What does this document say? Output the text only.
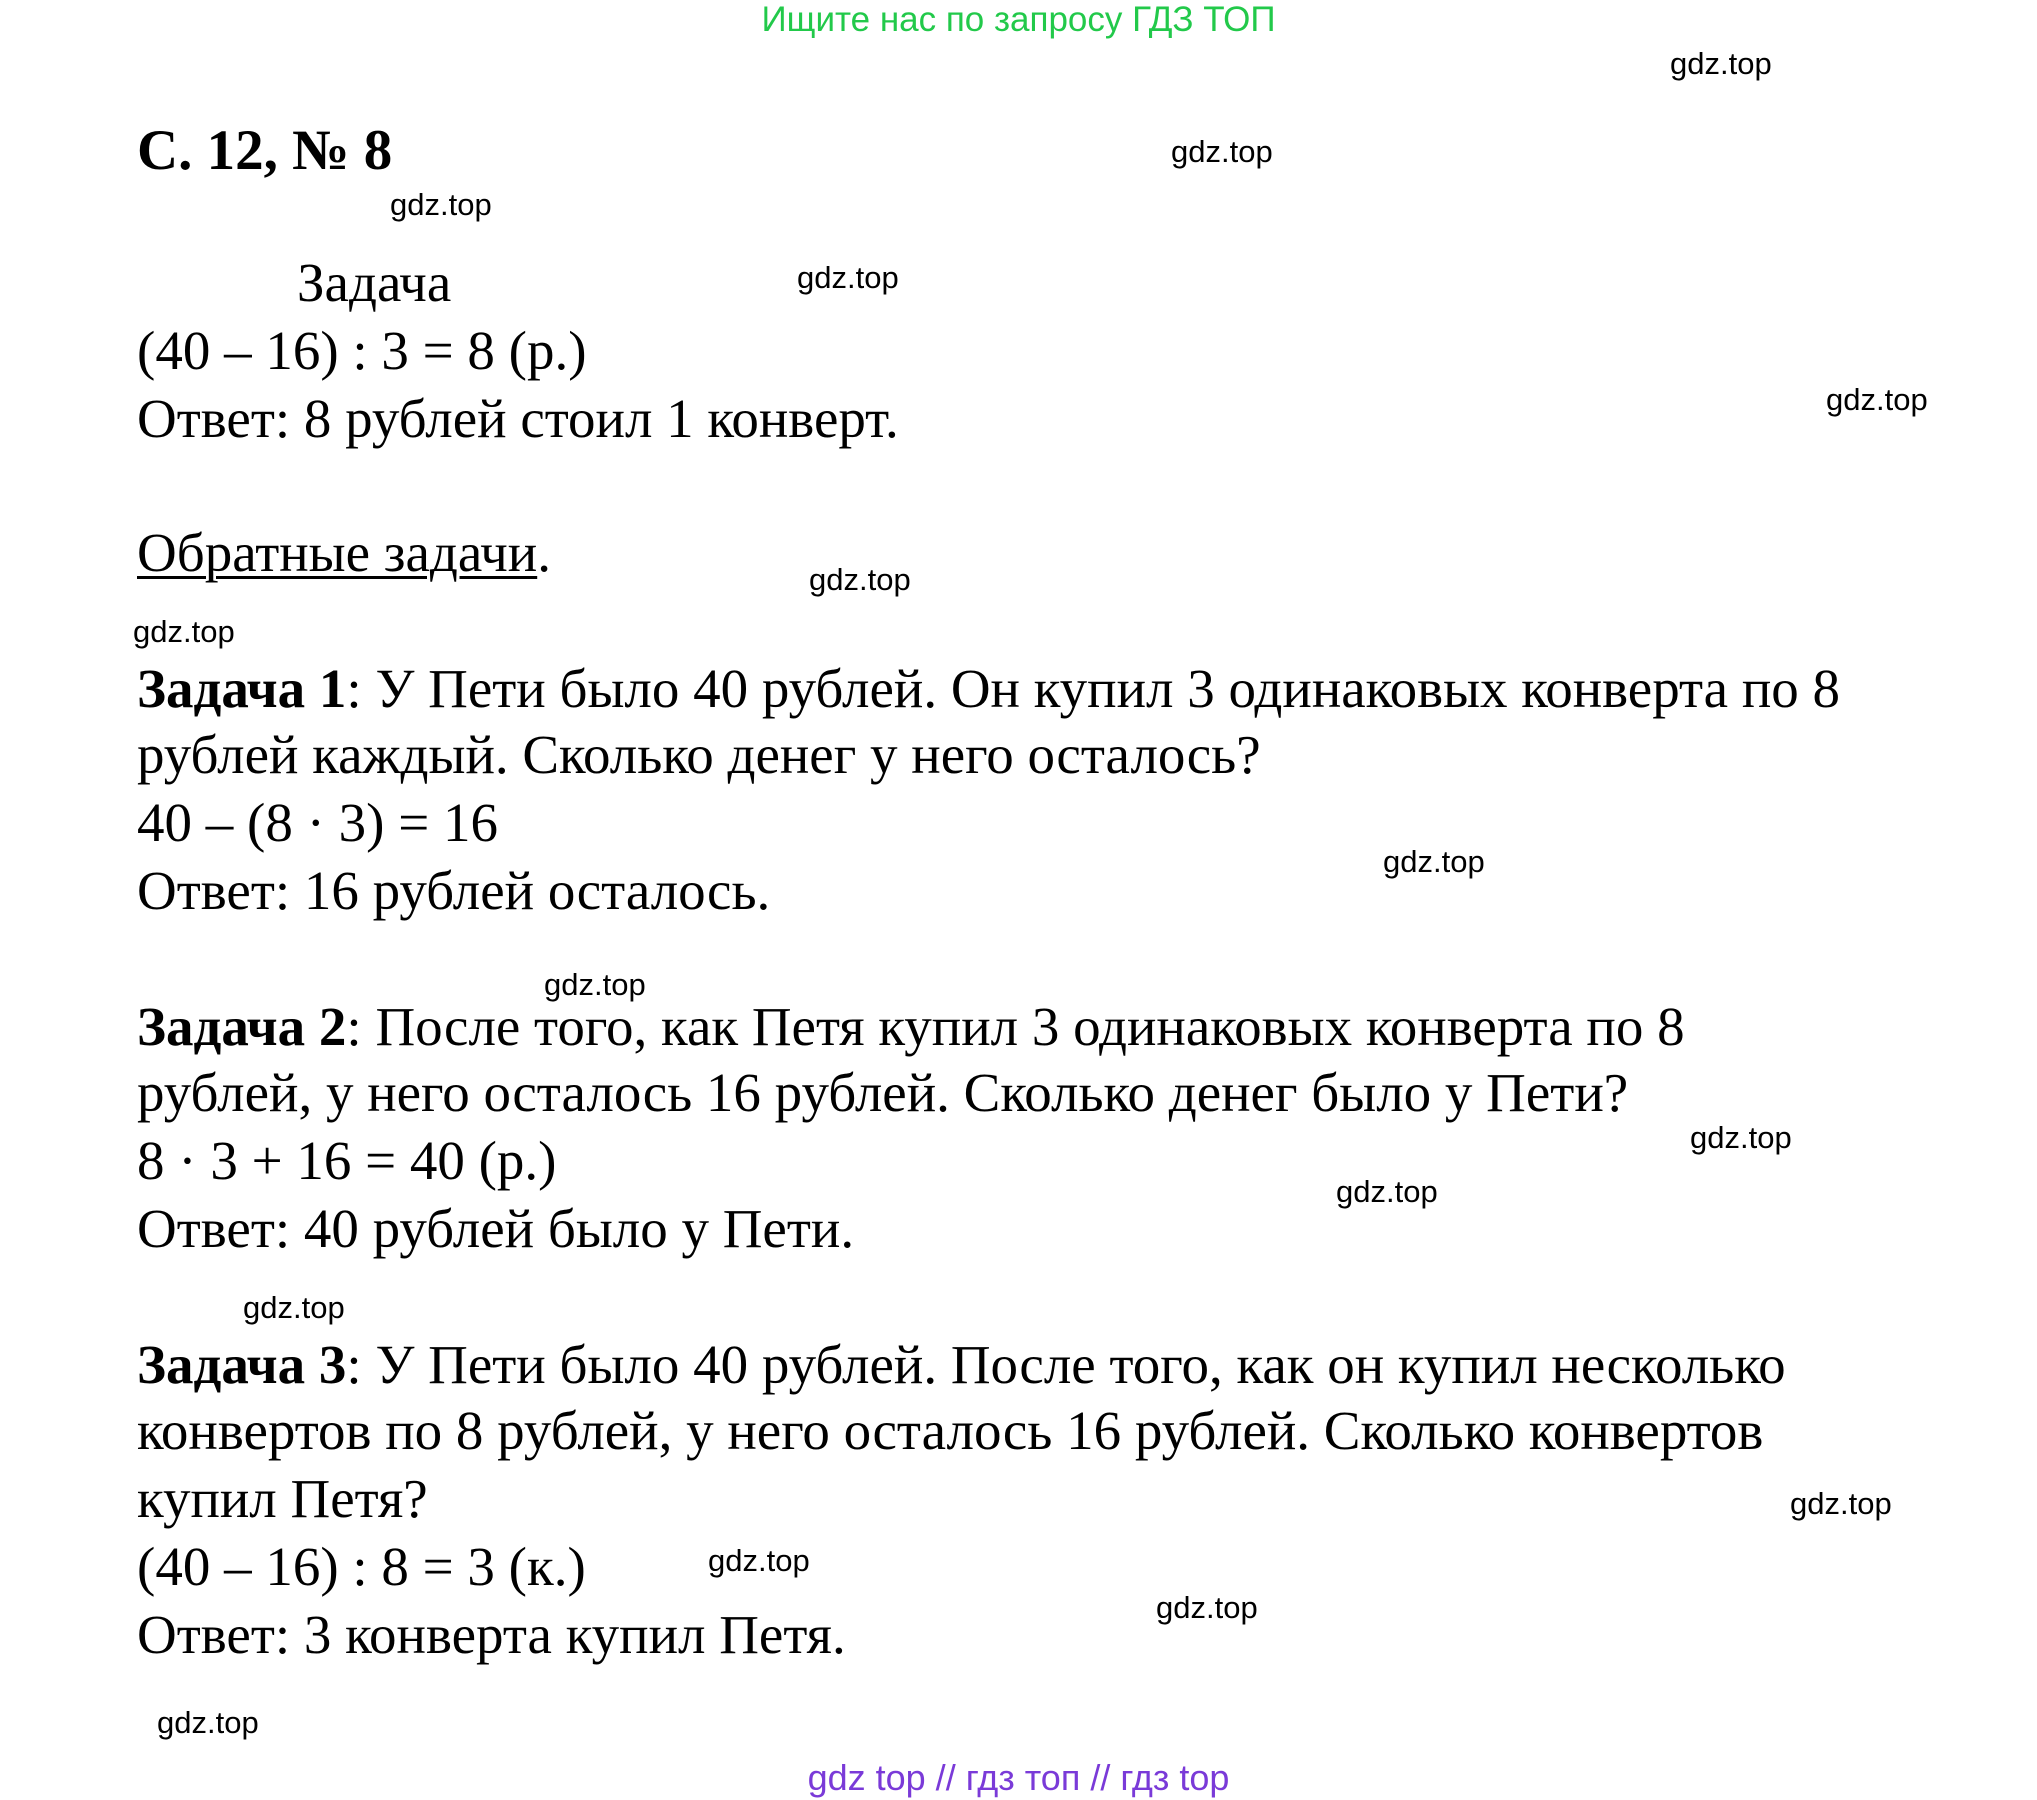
Ищите нас по запросу ГДЗ ТОП
gdz.top
gdz.top
gdz.top
gdz.top
gdz.top
gdz.top
gdz.top
gdz.top
gdz.top
gdz.top
gdz.top
gdz.top
gdz.top
gdz.top
gdz.top
gdz.top
С. 12, № 8
Задача
(40 – 16) : 3 = 8 (р.)
Ответ: 8 рублей стоил 1 конверт.
Обратные задачи.
Задача 1: У Пети было 40 рублей. Он купил 3 одинаковых конверта по 8
рублей каждый. Сколько денег у него осталось?
40 – (8 · 3) = 16
Ответ: 16 рублей осталось.
Задача 2: После того, как Петя купил 3 одинаковых конверта по 8
рублей, у него осталось 16 рублей. Сколько денег было у Пети?
8 · 3 + 16 = 40 (р.)
Ответ: 40 рублей было у Пети.
Задача 3: У Пети было 40 рублей. После того, как он купил несколько
конвертов по 8 рублей, у него осталось 16 рублей. Сколько конвертов
купил Петя?
(40 – 16) : 8 = 3 (к.)
Ответ: 3 конверта купил Петя.
gdz top // гдз топ // гдз top
